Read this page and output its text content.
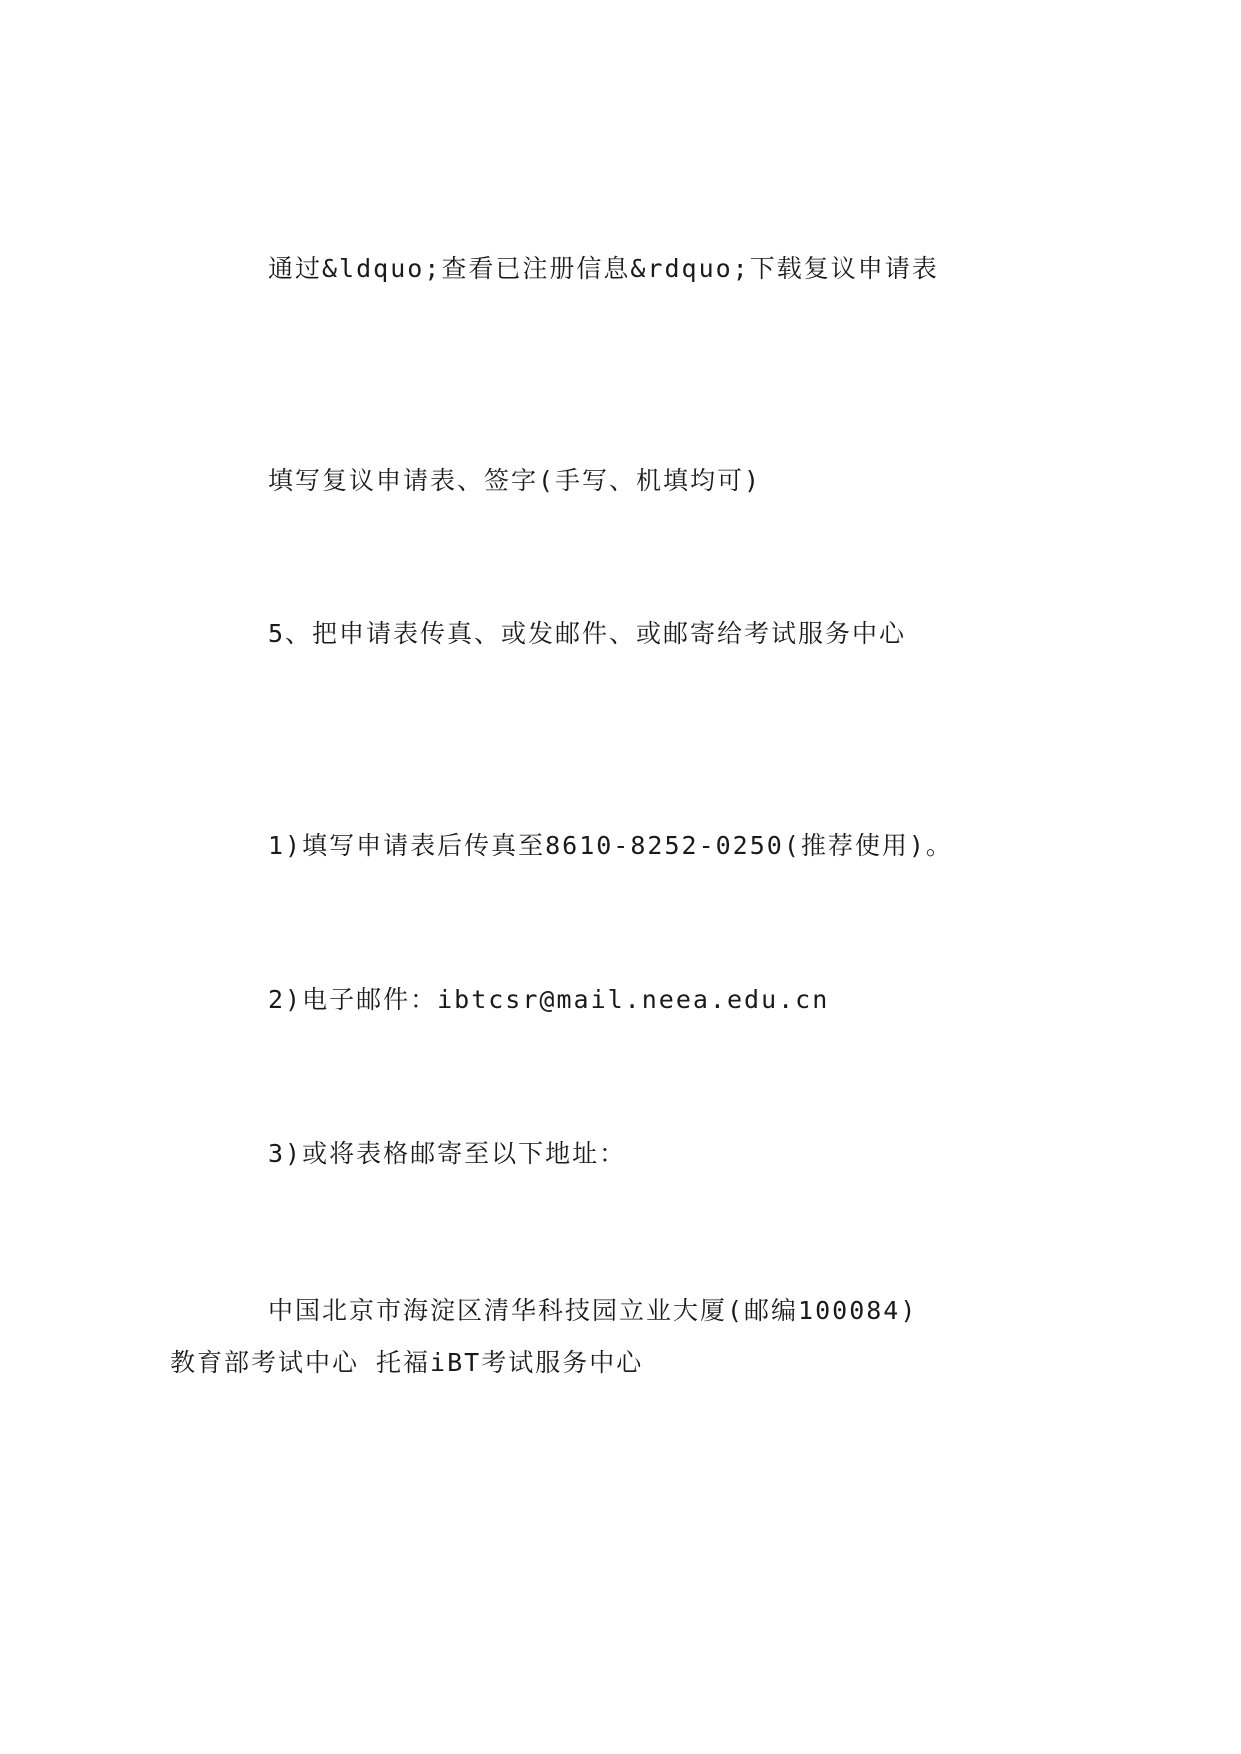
通过&ldquo;查看已注册信息&rdquo;下载复议申请表

填写复议申请表、签字(手写、机填均可)

5、把申请表传真、或发邮件、或邮寄给考试服务中心

1)填写申请表后传真至8610-8252-0250(推荐使用)。

2)电子邮件：ibtcsr@mail.neea.edu.cn

3)或将表格邮寄至以下地址：

中国北京市海淀区清华科技园立业大厦(邮编100084) 教育部考试中心 托福iBT考试服务中心
